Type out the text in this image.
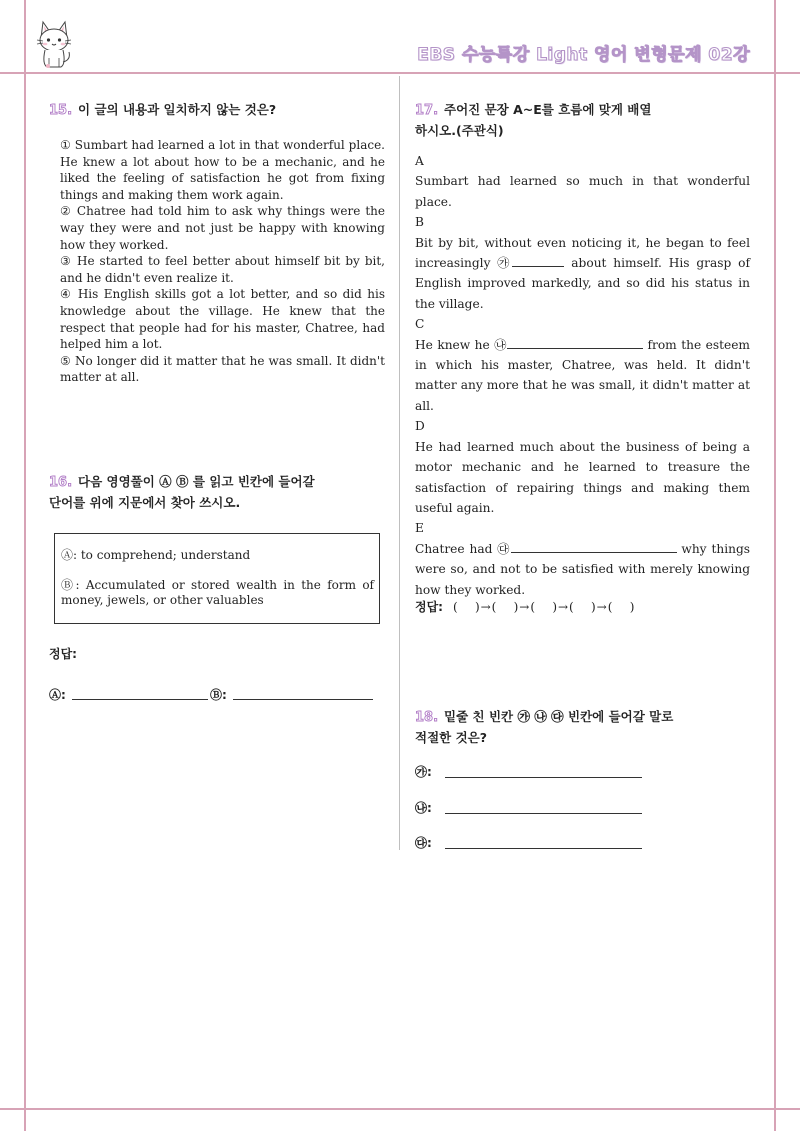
EBS 수능특강 Light 영어 변형문제 02강
15. 이 글의 내용과 일치하지 않는 것은?

① Sumbart had learned a lot in that wonderful place. He knew a lot about how to be a mechanic, and he liked the feeling of satisfaction he got from fixing things and making them work again.

② Chatree had told him to ask why things were the way they were and not just be happy with knowing how they worked.

③ He started to feel better about himself bit by bit, and he didn't even realize it.

④ His English skills got a lot better, and so did his knowledge about the village. He knew that the respect that people had for his master, Chatree, had helped him a lot.

⑤ No longer did it matter that he was small. It didn't matter at all.

16. 다음 영영풀이 Ⓐ Ⓑ 를 읽고 빈칸에 들어갈
단어를 위에 지문에서 찾아 쓰시오.

Ⓐ: to comprehend; understand

Ⓑ: Accumulated or stored wealth in the form of money, jewels, or other valuables

정답:
Ⓐ:	Ⓑ:
17. 주어진 문장 A~E를 흐름에 맞게 배열
하시오.(주관식)

A

Sumbart had learned so much in that wonderful place.

B

Bit by bit, without even noticing it, he began to feel increasingly ㉮	about himself. His grasp of English improved markedly, and so did his status in the village.

C

He knew he ㉯	from the esteem in which his master, Chatree, was held. It didn't matter any more that he was small, it didn't matter at all.

D

He had learned much about the business of being a motor mechanic and he learned to treasure the satisfaction of repairing things and making them useful again.

E

Chatree had ㉰	why things were so, and not to be satisfied with merely knowing how they worked.

정답: ( )→( )→( )→( )→( )
18. 밑줄 친 빈칸 ㉮ ㉯ ㉰ 빈칸에 들어갈 말로
적절한 것은?
㉮:
㉯:
㉰:
